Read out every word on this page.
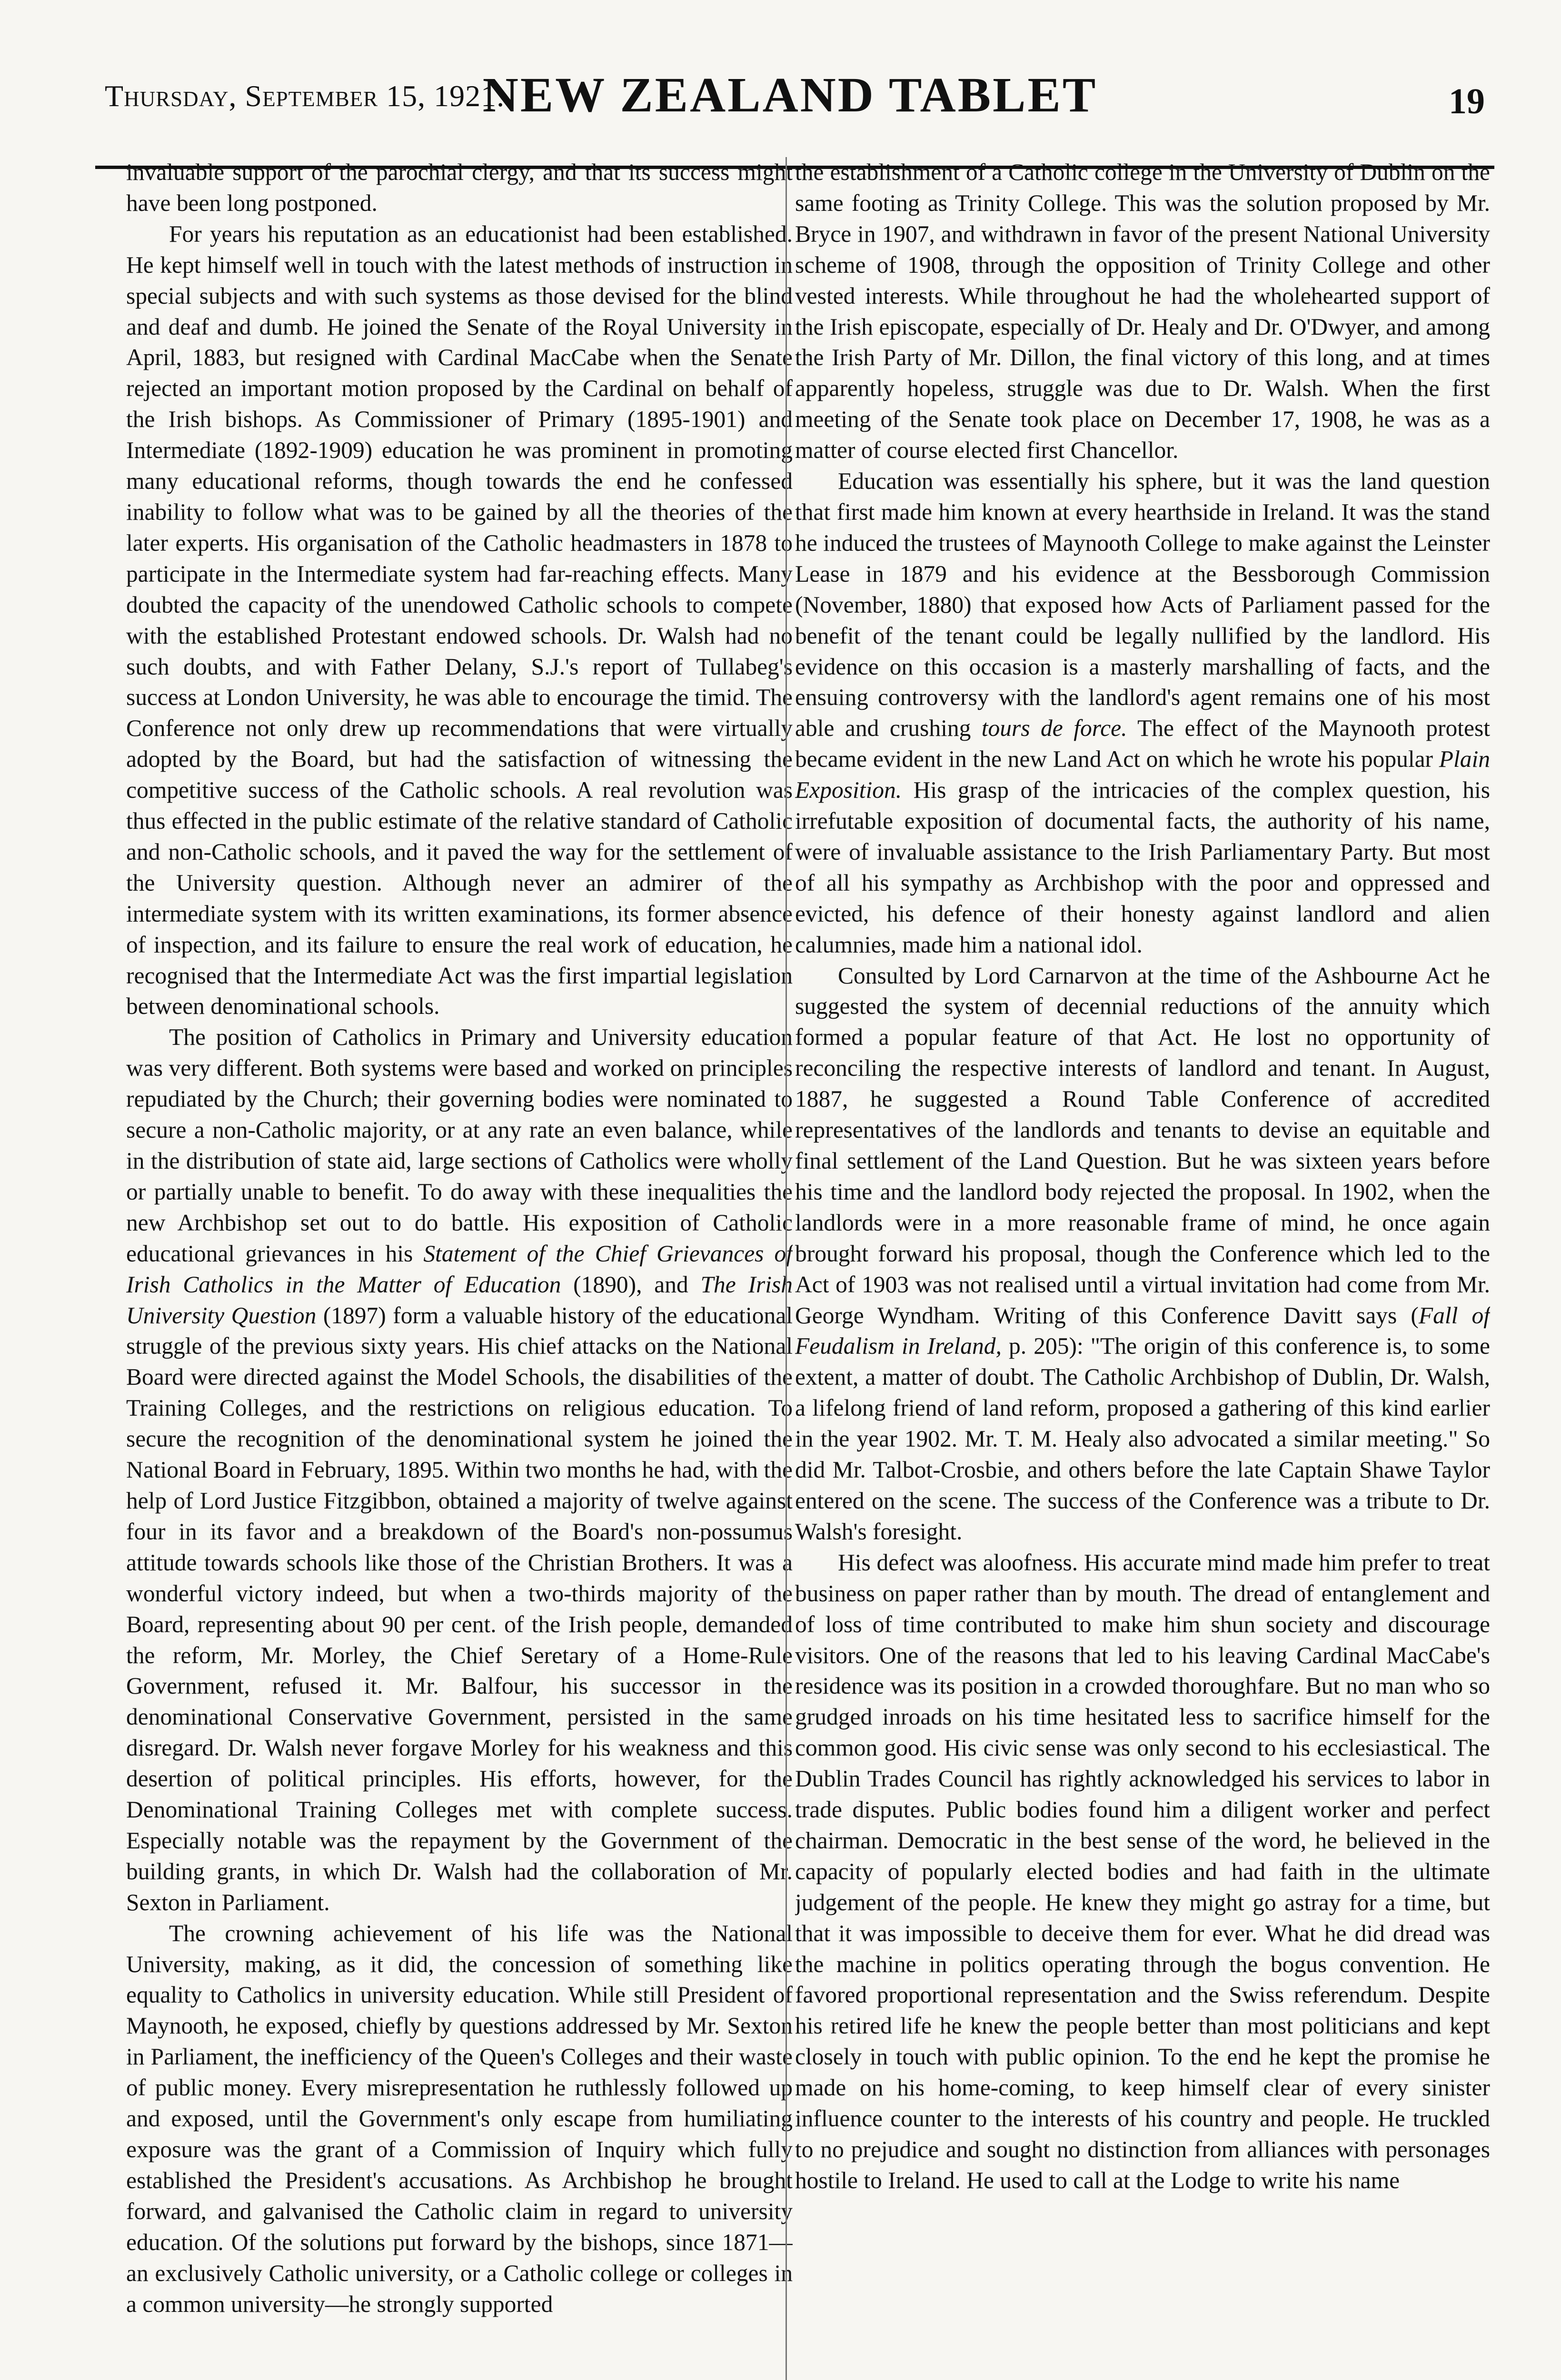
Thursday, September 15, 1921.
NEW ZEALAND TABLET	19

invaluable support of the parochial clergy, and that its success might have been long postponed.

For years his reputation as an educationist had been established. He kept himself well in touch with the latest methods of instruction in special subjects and with such systems as those devised for the blind and deaf and dumb. He joined the Senate of the Royal University in April, 1883, but resigned with Cardinal MacCabe when the Senate rejected an important motion proposed by the Cardinal on behalf of the Irish bishops. As Commissioner of Primary (1895-1901) and Intermediate (1892-1909) education he was prominent in promoting many educational reforms, though towards the end he confessed inability to follow what was to be gained by all the theories of the later experts. His organisation of the Catholic headmasters in 1878 to participate in the Intermediate system had far-reaching effects. Many doubted the capacity of the unendowed Catholic schools to compete with the established Protestant endowed schools. Dr. Walsh had no such doubts, and with Father Delany, S.J.'s report of Tullabeg's success at London University, he was able to encourage the timid. The Conference not only drew up recommendations that were virtually adopted by the Board, but had the satisfaction of witnessing the competitive success of the Catholic schools. A real revolution was thus effected in the public estimate of the relative standard of Catholic and non-Catholic schools, and it paved the way for the settlement of the University question. Although never an admirer of the intermediate system with its written examinations, its former absence of inspection, and its failure to ensure the real work of education, he recognised that the Intermediate Act was the first impartial legislation between denominational schools.

The position of Catholics in Primary and University education was very different. Both systems were based and worked on principles repudiated by the Church; their governing bodies were nominated to secure a non-Catholic majority, or at any rate an even balance, while in the distribution of state aid, large sections of Catholics were wholly or partially unable to benefit. To do away with these inequalities the new Archbishop set out to do battle. His exposition of Catholic educational grievances in his Statement of the Chief Grievances of Irish Catholics in the Matter of Education (1890), and The Irish University Question (1897) form a valuable history of the educational struggle of the previous sixty years. His chief attacks on the National Board were directed against the Model Schools, the disabilities of the Training Colleges, and the restrictions on religious education. To secure the recognition of the denominational system he joined the National Board in February, 1895. Within two months he had, with the help of Lord Justice Fitzgibbon, obtained a majority of twelve against four in its favor and a breakdown of the Board's non-possumus attitude towards schools like those of the Christian Brothers. It was a wonderful victory indeed, but when a two-thirds majority of the Board, representing about 90 per cent. of the Irish people, demanded the reform, Mr. Morley, the Chief Seretary of a Home-Rule Government, refused it. Mr. Balfour, his successor in the denominational Conservative Government, persisted in the same disregard. Dr. Walsh never forgave Morley for his weakness and this desertion of political principles. His efforts, however, for the Denominational Training Colleges met with complete success. Especially notable was the repayment by the Government of the building grants, in which Dr. Walsh had the collaboration of Mr. Sexton in Parliament.

The crowning achievement of his life was the National University, making, as it did, the concession of something like equality to Catholics in university education. While still President of Maynooth, he exposed, chiefly by questions addressed by Mr. Sexton in Parliament, the inefficiency of the Queen's Colleges and their waste of public money. Every misrepresentation he ruthlessly followed up and exposed, until the Government's only escape from humiliating exposure was the grant of a Commission of Inquiry which fully established the President's accusations. As Archbishop he brought forward, and galvanised the Catholic claim in regard to university education. Of the solutions put forward by the bishops, since 1871—an exclusively Catholic university, or a Catholic college or colleges in a common university—he strongly supported

the establishment of a Catholic college in the University of Dublin on the same footing as Trinity College. This was the solution proposed by Mr. Bryce in 1907, and withdrawn in favor of the present National University scheme of 1908, through the opposition of Trinity College and other vested interests. While throughout he had the wholehearted support of the Irish episcopate, especially of Dr. Healy and Dr. O'Dwyer, and among the Irish Party of Mr. Dillon, the final victory of this long, and at times apparently hopeless, struggle was due to Dr. Walsh. When the first meeting of the Senate took place on December 17, 1908, he was as a matter of course elected first Chancellor.

Education was essentially his sphere, but it was the land question that first made him known at every hearthside in Ireland. It was the stand he induced the trustees of Maynooth College to make against the Leinster Lease in 1879 and his evidence at the Bessborough Commission (November, 1880) that exposed how Acts of Parliament passed for the benefit of the tenant could be legally nullified by the landlord. His evidence on this occasion is a masterly marshalling of facts, and the ensuing controversy with the landlord's agent remains one of his most able and crushing tours de force. The effect of the Maynooth protest became evident in the new Land Act on which he wrote his popular Plain Exposition. His grasp of the intricacies of the complex question, his irrefutable exposition of documental facts, the authority of his name, were of invaluable assistance to the Irish Parliamentary Party. But most of all his sympathy as Archbishop with the poor and oppressed and evicted, his defence of their honesty against landlord and alien calumnies, made him a national idol.

Consulted by Lord Carnarvon at the time of the Ashbourne Act he suggested the system of decennial reductions of the annuity which formed a popular feature of that Act. He lost no opportunity of reconciling the respective interests of landlord and tenant. In August, 1887, he suggested a Round Table Conference of accredited representatives of the landlords and tenants to devise an equitable and final settlement of the Land Question. But he was sixteen years before his time and the landlord body rejected the proposal. In 1902, when the landlords were in a more reasonable frame of mind, he once again brought forward his proposal, though the Conference which led to the Act of 1903 was not realised until a virtual invitation had come from Mr. George Wyndham. Writing of this Conference Davitt says (Fall of Feudalism in Ireland, p. 205): "The origin of this conference is, to some extent, a matter of doubt. The Catholic Archbishop of Dublin, Dr. Walsh, a lifelong friend of land reform, proposed a gathering of this kind earlier in the year 1902. Mr. T. M. Healy also advocated a similar meeting." So did Mr. Talbot-Crosbie, and others before the late Captain Shawe Taylor entered on the scene. The success of the Conference was a tribute to Dr. Walsh's foresight.

His defect was aloofness. His accurate mind made him prefer to treat business on paper rather than by mouth. The dread of entanglement and of loss of time contributed to make him shun society and discourage visitors. One of the reasons that led to his leaving Cardinal MacCabe's residence was its position in a crowded thoroughfare. But no man who so grudged inroads on his time hesitated less to sacrifice himself for the common good. His civic sense was only second to his ecclesiastical. The Dublin Trades Council has rightly acknowledged his services to labor in trade disputes. Public bodies found him a diligent worker and perfect chairman. Democratic in the best sense of the word, he believed in the capacity of popularly elected bodies and had faith in the ultimate judgement of the people. He knew they might go astray for a time, but that it was impossible to deceive them for ever. What he did dread was the machine in politics operating through the bogus convention. He favored proportional representation and the Swiss referendum. Despite his retired life he knew the people better than most politicians and kept closely in touch with public opinion. To the end he kept the promise he made on his home-coming, to keep himself clear of every sinister influence counter to the interests of his country and people. He truckled to no prejudice and sought no distinction from alliances with personages hostile to Ireland. He used to call at the Lodge to write his name
